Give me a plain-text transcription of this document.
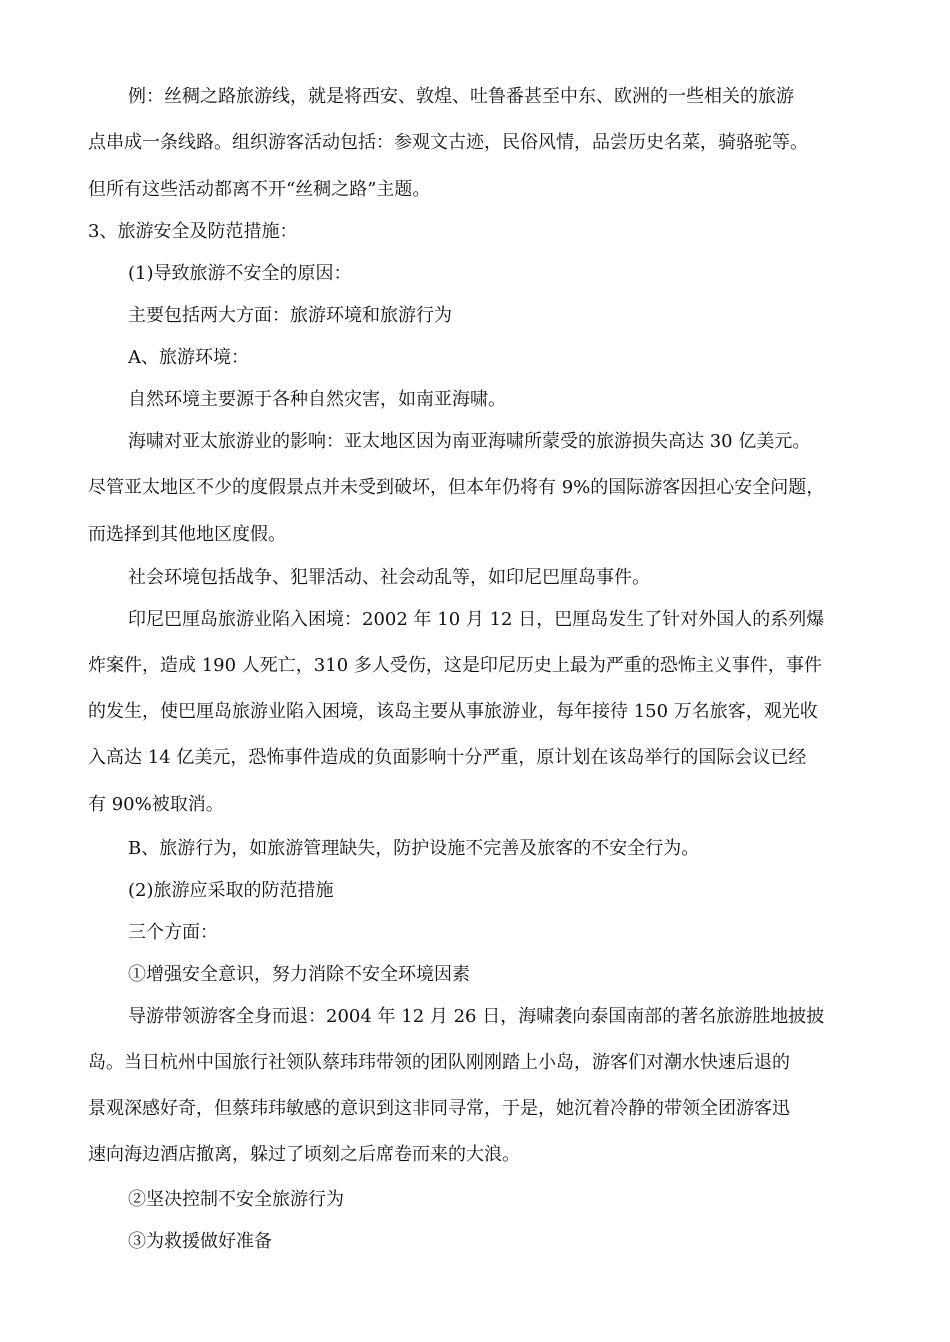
例：丝稠之路旅游线，就是将西安、敦煌、吐鲁番甚至中东、欧洲的一些相关的旅游
点串成一条线路。组织游客活动包括：参观文古迹，民俗风情，品尝历史名菜，骑骆驼等。
但所有这些活动都离不开“丝稠之路”主题。
3、旅游安全及防范措施：
(1)导致旅游不安全的原因：
主要包括两大方面：旅游环境和旅游行为
A、旅游环境：
自然环境主要源于各种自然灾害，如南亚海啸。
海啸对亚太旅游业的影响：亚太地区因为南亚海啸所蒙受的旅游损失高达 30 亿美元。
尽管亚太地区不少的度假景点并未受到破坏，但本年仍将有 9%的国际游客因担心安全问题，
而选择到其他地区度假。
社会环境包括战争、犯罪活动、社会动乱等，如印尼巴厘岛事件。
印尼巴厘岛旅游业陷入困境：2002 年 10 月 12 日，巴厘岛发生了针对外国人的系列爆
炸案件，造成 190 人死亡，310 多人受伤，这是印尼历史上最为严重的恐怖主义事件，事件
的发生，使巴厘岛旅游业陷入困境，该岛主要从事旅游业，每年接待 150 万名旅客，观光收
入高达 14 亿美元，恐怖事件造成的负面影响十分严重，原计划在该岛举行的国际会议已经
有 90%被取消。
B、旅游行为，如旅游管理缺失，防护设施不完善及旅客的不安全行为。
(2)旅游应采取的防范措施
三个方面：
①增强安全意识，努力消除不安全环境因素
导游带领游客全身而退：2004 年 12 月 26 日，海啸袭向泰国南部的著名旅游胜地披披
岛。当日杭州中国旅行社领队蔡玮玮带领的团队刚刚踏上小岛，游客们对潮水快速后退的
景观深感好奇，但蔡玮玮敏感的意识到这非同寻常，于是，她沉着冷静的带领全团游客迅
速向海边酒店撤离，躲过了顷刻之后席卷而来的大浪。
②坚决控制不安全旅游行为
③为救援做好准备
